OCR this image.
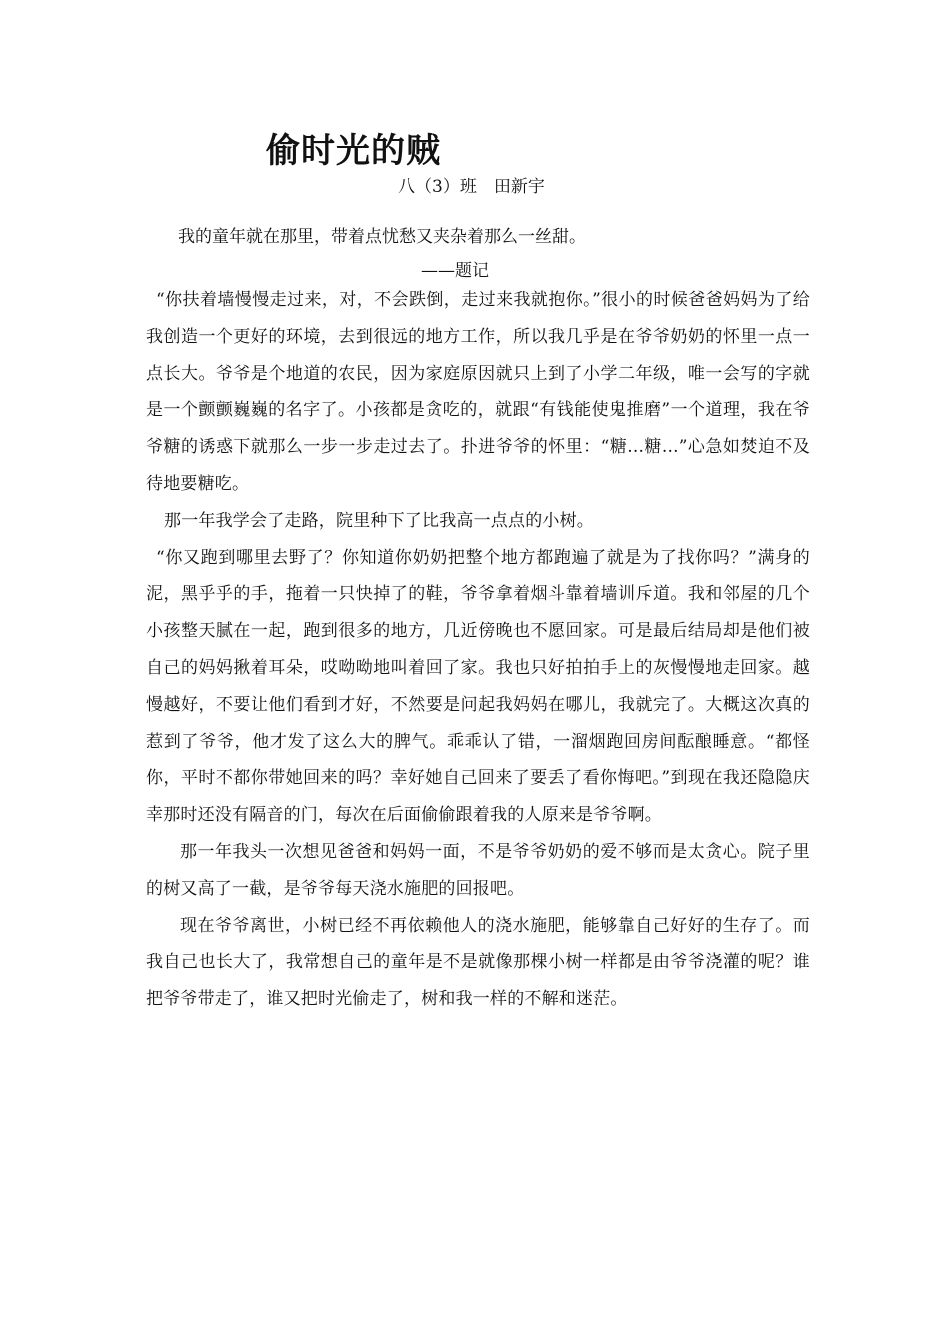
偷时光的贼
八（3）班　田新宇
我的童年就在那里，带着点忧愁又夹杂着那么一丝甜。
——题记

“你扶着墙慢慢走过来，对，不会跌倒，走过来我就抱你。”很小的时候爸爸妈妈为了给我创造一个更好的环境，去到很远的地方工作，所以我几乎是在爷爷奶奶的怀里一点一点长大。爷爷是个地道的农民，因为家庭原因就只上到了小学二年级，唯一会写的字就是一个颤颤巍巍的名字了。小孩都是贪吃的，就跟“有钱能使鬼推磨”一个道理，我在爷爷糖的诱惑下就那么一步一步走过去了。扑进爷爷的怀里：“糖...糖...”心急如焚迫不及待地要糖吃。

那一年我学会了走路，院里种下了比我高一点点的小树。

“你又跑到哪里去野了？你知道你奶奶把整个地方都跑遍了就是为了找你吗？”满身的泥，黑乎乎的手，拖着一只快掉了的鞋，爷爷拿着烟斗靠着墙训斥道。我和邻屋的几个小孩整天腻在一起，跑到很多的地方，几近傍晚也不愿回家。可是最后结局却是他们被自己的妈妈揪着耳朵，哎呦呦地叫着回了家。我也只好拍拍手上的灰慢慢地走回家。越慢越好，不要让他们看到才好，不然要是问起我妈妈在哪儿，我就完了。大概这次真的惹到了爷爷，他才发了这么大的脾气。乖乖认了错，一溜烟跑回房间酝酿睡意。“都怪你，平时不都你带她回来的吗？幸好她自己回来了要丢了看你悔吧。”到现在我还隐隐庆幸那时还没有隔音的门，每次在后面偷偷跟着我的人原来是爷爷啊。

那一年我头一次想见爸爸和妈妈一面，不是爷爷奶奶的爱不够而是太贪心。院子里的树又高了一截，是爷爷每天浇水施肥的回报吧。

现在爷爷离世，小树已经不再依赖他人的浇水施肥，能够靠自己好好的生存了。而我自己也长大了，我常想自己的童年是不是就像那棵小树一样都是由爷爷浇灌的呢？谁把爷爷带走了，谁又把时光偷走了，树和我一样的不解和迷茫。
